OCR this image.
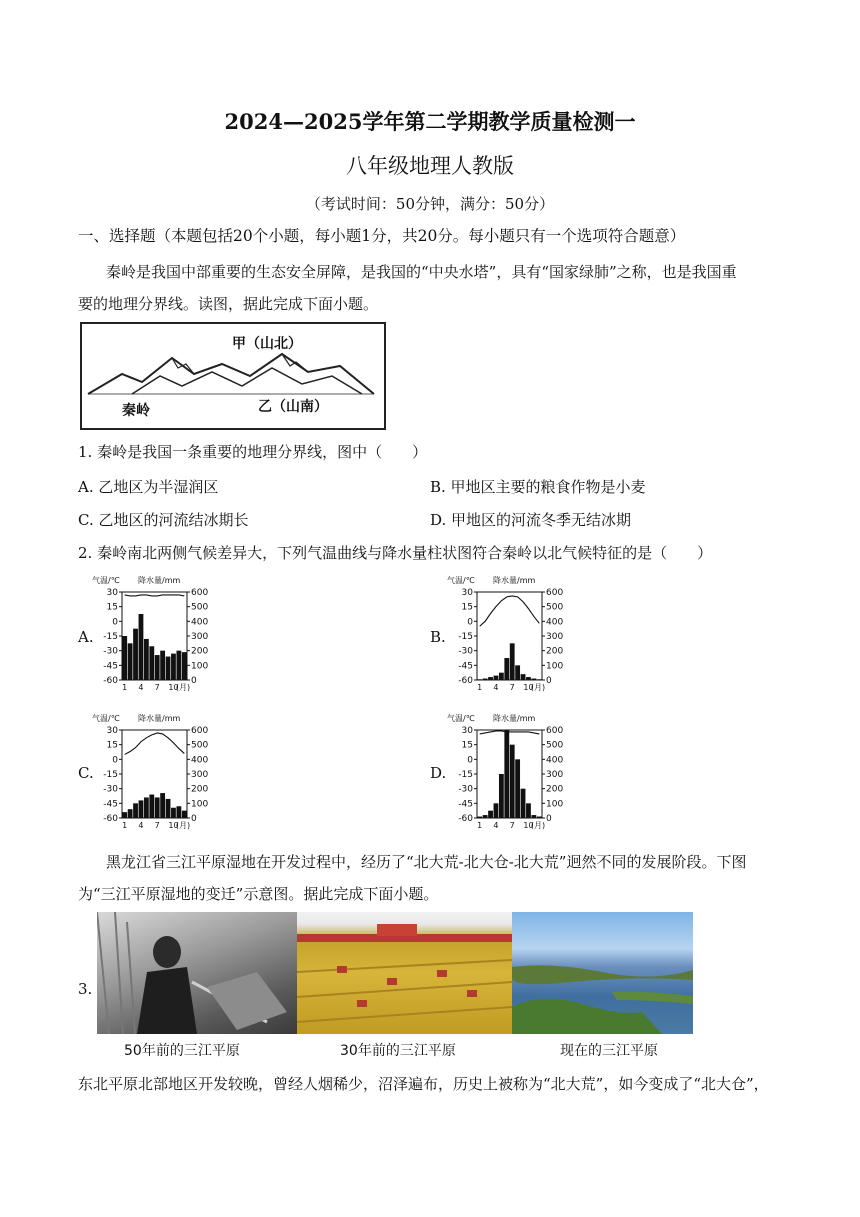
2024—2025学年第二学期教学质量检测一
八年级地理人教版
（考试时间：50分钟，满分：50分）
一、选择题（本题包括20个小题，每小题1分，共20分。每小题只有一个选项符合题意）
秦岭是我国中部重要的生态安全屏障，是我国的“中央水塔”，具有“国家绿肺”之称，也是我国重
要的地理分界线。读图，据此完成下面小题。
甲（山北）
秦岭	乙（山南）
1. 秦岭是我国一条重要的地理分界线，图中（　　）
A. 乙地区为半湿润区	B. 甲地区主要的粮食作物是小麦
C. 乙地区的河流结冰期长	D. 甲地区的河流冬季无结冰期
2. 秦岭南北两侧气候差异大，下列气温曲线与降水量柱状图符合秦岭以北气候特征的是（　　）
A.	B.
C.	D.
气温/℃ 降水量/mm
30
15
0
-15
-30
-45
-60
600
500
400
300
200
100
0
1 4 7 10
(月)
气温/℃ 降水量/mm
30
15
0
-15
-30
-45
-60
600
500
400
300
200
100
0
1 4 7 10
(月)
气温/℃ 降水量/mm
30
15
0
-15
-30
-45
-60
600
500
400
300
200
100
0
1 4 7 10
(月)
气温/℃ 降水量/mm
30
15
0
-15
-30
-45
-60
600
500
400
300
200
100
0
1 4 7 10
(月)
黑龙江省三江平原湿地在开发过程中，经历了“北大荒-北大仓-北大荒”迥然不同的发展阶段。下图
为“三江平原湿地的变迁”示意图。据此完成下面小题。
3.
50年前的三江平原	30年前的三江平原	现在的三江平原
东北平原北部地区开发较晚，曾经人烟稀少，沼泽遍布，历史上被称为“北大荒”，如今变成了“北大仓”，
